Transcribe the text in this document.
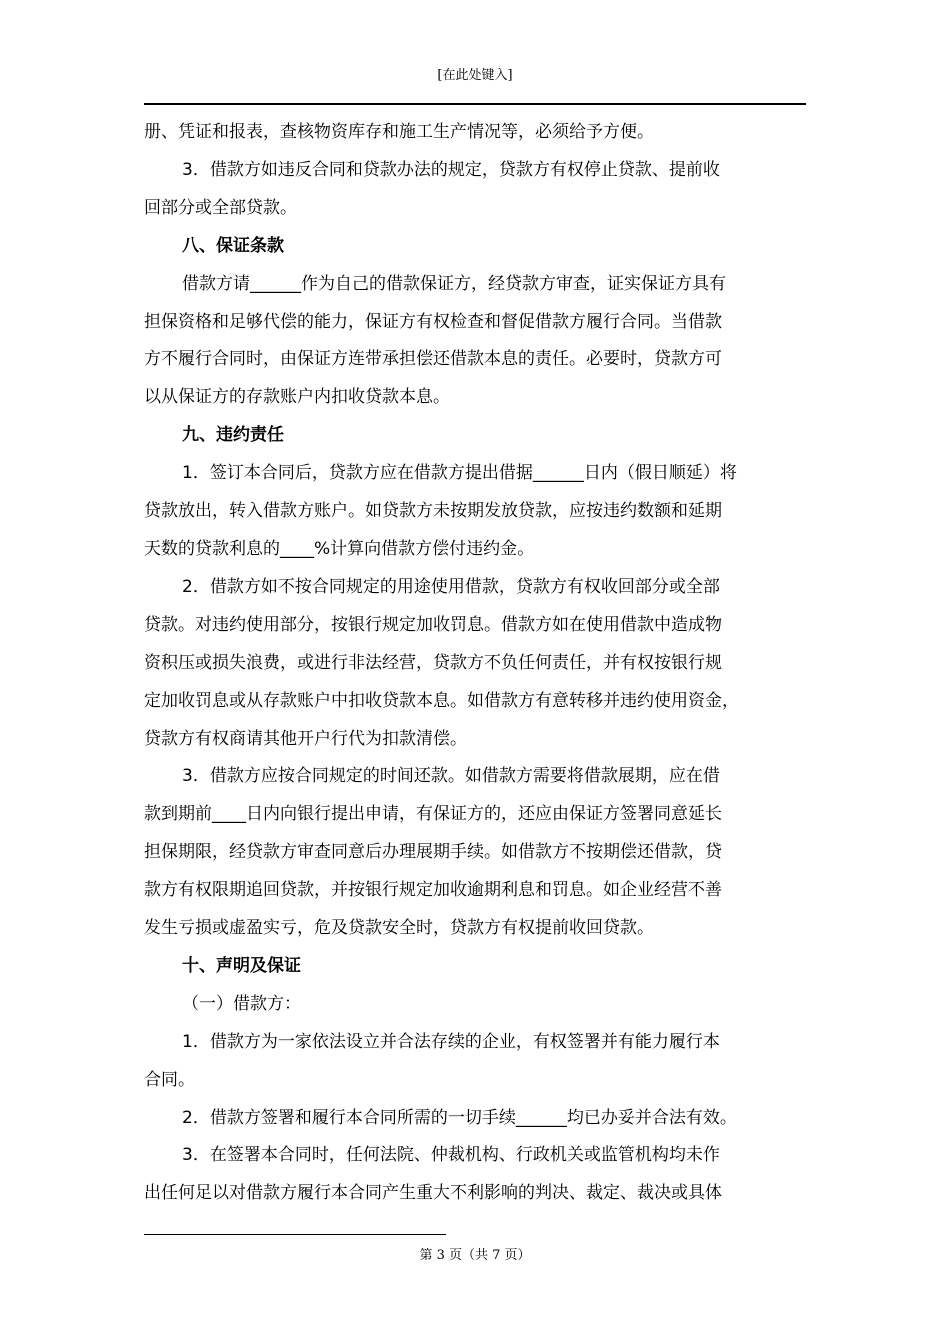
[在此处键入]

册、凭证和报表，查核物资库存和施工生产情况等，必须给予方便。

3．借款方如违反合同和贷款办法的规定，贷款方有权停止贷款、提前收

回部分或全部贷款。

八、保证条款

借款方请______作为自己的借款保证方，经贷款方审查，证实保证方具有

担保资格和足够代偿的能力，保证方有权检查和督促借款方履行合同。当借款

方不履行合同时，由保证方连带承担偿还借款本息的责任。必要时，贷款方可

以从保证方的存款账户内扣收贷款本息。

九、违约责任

1．签订本合同后，贷款方应在借款方提出借据______日内（假日顺延）将

贷款放出，转入借款方账户。如贷款方未按期发放贷款，应按违约数额和延期

天数的贷款利息的____%计算向借款方偿付违约金。

2．借款方如不按合同规定的用途使用借款，贷款方有权收回部分或全部

贷款。对违约使用部分，按银行规定加收罚息。借款方如在使用借款中造成物

资积压或损失浪费，或进行非法经营，贷款方不负任何责任，并有权按银行规

定加收罚息或从存款账户中扣收贷款本息。如借款方有意转移并违约使用资金，

贷款方有权商请其他开户行代为扣款清偿。

3．借款方应按合同规定的时间还款。如借款方需要将借款展期，应在借

款到期前____日内向银行提出申请，有保证方的，还应由保证方签署同意延长

担保期限，经贷款方审查同意后办理展期手续。如借款方不按期偿还借款，贷

款方有权限期追回贷款，并按银行规定加收逾期利息和罚息。如企业经营不善

发生亏损或虚盈实亏，危及贷款安全时，贷款方有权提前收回贷款。

十、声明及保证

（一）借款方：

1．借款方为一家依法设立并合法存续的企业，有权签署并有能力履行本

合同。

2．借款方签署和履行本合同所需的一切手续______均已办妥并合法有效。

3．在签署本合同时，任何法院、仲裁机构、行政机关或监管机构均未作

出任何足以对借款方履行本合同产生重大不利影响的判决、裁定、裁决或具体

第 3 页（共 7 页）
